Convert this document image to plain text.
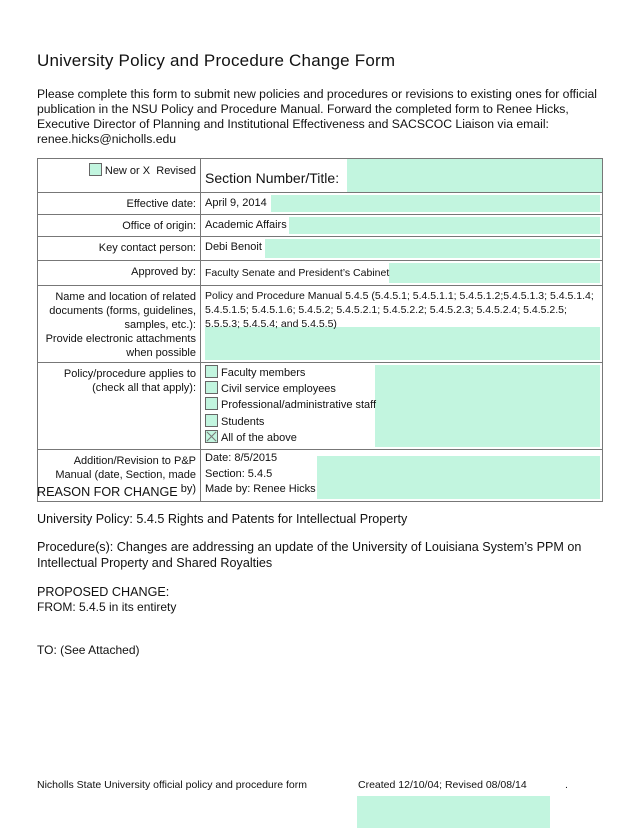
University Policy and Procedure Change Form
Please complete this form to submit new policies and procedures or revisions to existing ones for official publication in the NSU Policy and Procedure Manual. Forward the completed form to Renee Hicks, Executive Director of Planning and Institutional Effectiveness and SACSCOC Liaison via email: renee.hicks@nicholls.edu
New or X Revised	Section Number/Title:

Effective date:	April 9, 2014

Office of origin:	Academic Affairs

Key contact person:	Debi Benoit

Approved by:	Faculty Senate and President’s Cabinet

Name and location of related documents (forms, guidelines, samples, etc.):
Provide electronic attachments when possible	Policy and Procedure Manual 5.4.5 (5.4.5.1; 5.4.5.1.1; 5.4.5.1.2;5.4.5.1.3; 5.4.5.1.4; 5.4.5.1.5; 5.4.5.1.6; 5.4.5.2; 5.4.5.2.1; 5.4.5.2.2; 5.4.5.2.3; 5.4.5.2.4; 5.4.5.2.5; 5.5.5.3; 5.4.5.4; and 5.4.5.5)

Policy/procedure applies to (check all that apply):	Faculty members
Civil service employees
Professional/administrative staff
Students
All of the above

Addition/Revision to P&P Manual (date, Section, made by)	Date: 8/5/2015
Section: 5.4.5
Made by: Renee Hicks
REASON FOR CHANGE
University Policy: 5.4.5 Rights and Patents for Intellectual Property
Procedure(s): Changes are addressing an update of the University of Louisiana System’s PPM on Intellectual Property and Shared Royalties
PROPOSED CHANGE:
FROM: 5.4.5 in its entirety
TO: (See Attached)
Nicholls State University official policy and procedure form	Created 12/10/04; Revised 08/08/14	.
